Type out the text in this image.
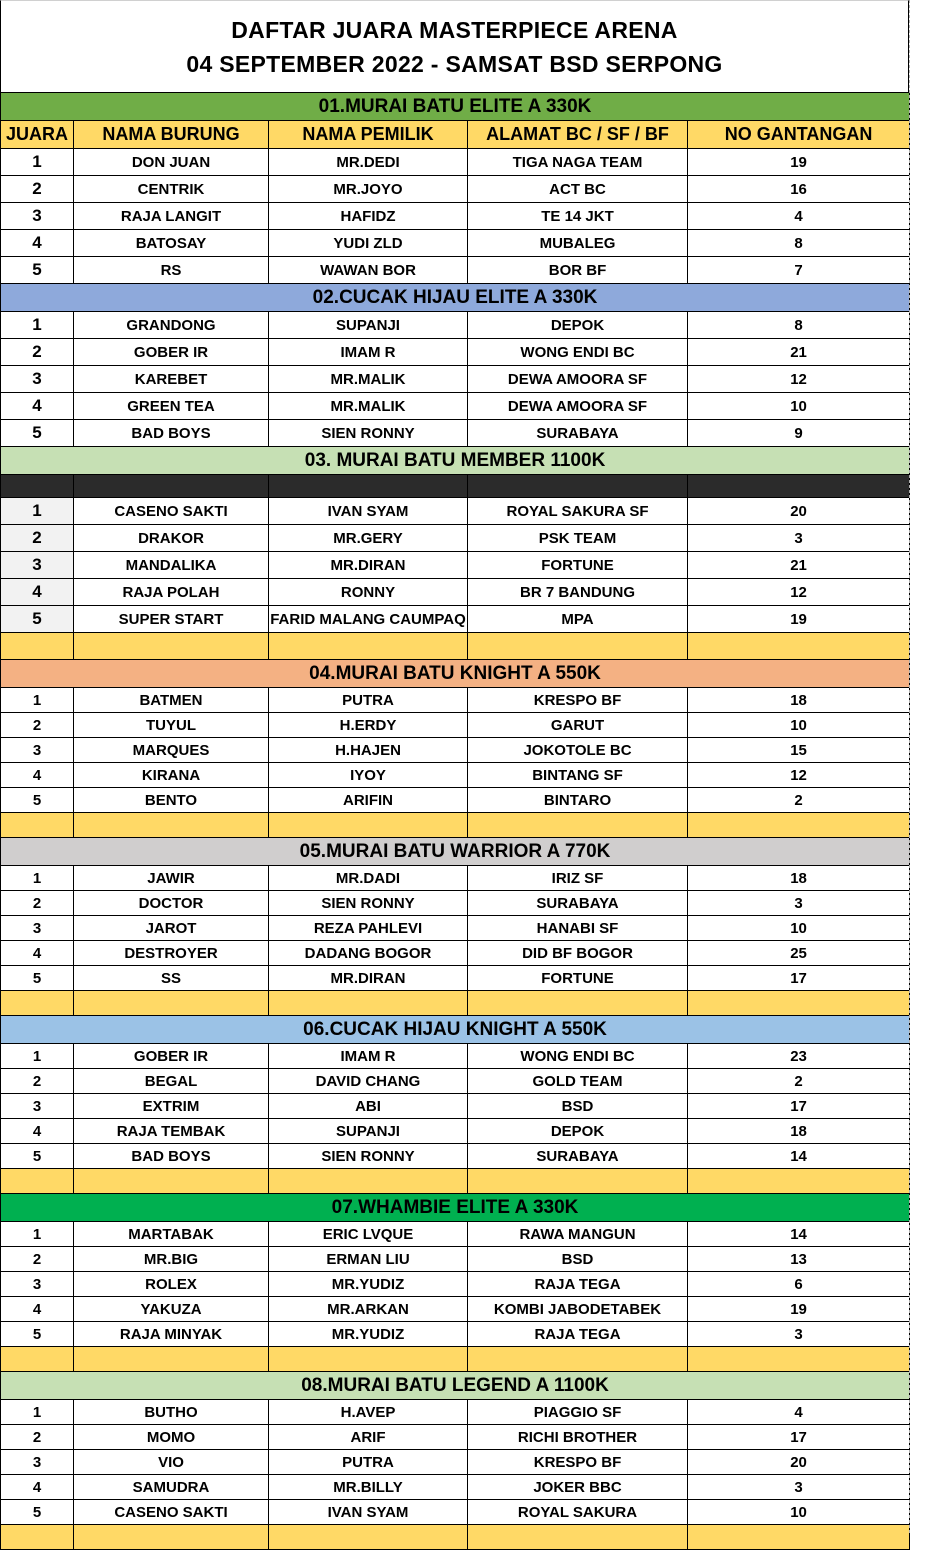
DAFTAR JUARA MASTERPIECE ARENA
04 SEPTEMBER 2022 - SAMSAT BSD SERPONG
01.MURAI BATU ELITE A 330K				
JUARA	NAMA BURUNG	NAMA PEMILIK	ALAMAT BC / SF / BF	NO GANTANGAN
1	DON JUAN	MR.DEDI	TIGA NAGA TEAM	19
2	CENTRIK	MR.JOYO	ACT BC	16
3	RAJA LANGIT	HAFIDZ	TE 14 JKT	4
4	BATOSAY	YUDI ZLD	MUBALEG	8
5	RS	WAWAN BOR	BOR BF	7
02.CUCAK HIJAU ELITE A 330K				
1	GRANDONG	SUPANJI	DEPOK	8
2	GOBER IR	IMAM R	WONG ENDI BC	21
3	KAREBET	MR.MALIK	DEWA AMOORA SF	12
4	GREEN TEA	MR.MALIK	DEWA AMOORA SF	10
5	BAD BOYS	SIEN RONNY	SURABAYA	9
03. MURAI BATU MEMBER 1100K				

1	CASENO SAKTI	IVAN SYAM	ROYAL SAKURA SF	20
2	DRAKOR	MR.GERY	PSK TEAM	3
3	MANDALIKA	MR.DIRAN	FORTUNE	21
4	RAJA POLAH	RONNY	BR 7 BANDUNG	12
5	SUPER START	FARID MALANG CAUMPAQ	MPA	19

04.MURAI BATU KNIGHT A 550K				
1	BATMEN	PUTRA	KRESPO BF	18
2	TUYUL	H.ERDY	GARUT	10
3	MARQUES	H.HAJEN	JOKOTOLE BC	15
4	KIRANA	IYOY	BINTANG SF	12
5	BENTO	ARIFIN	BINTARO	2

05.MURAI BATU WARRIOR A 770K				
1	JAWIR	MR.DADI	IRIZ SF	18
2	DOCTOR	SIEN RONNY	SURABAYA	3
3	JAROT	REZA PAHLEVI	HANABI SF	10
4	DESTROYER	DADANG BOGOR	DID BF BOGOR	25
5	SS	MR.DIRAN	FORTUNE	17

06.CUCAK HIJAU KNIGHT A 550K				
1	GOBER IR	IMAM R	WONG ENDI BC	23
2	BEGAL	DAVID CHANG	GOLD TEAM	2
3	EXTRIM	ABI	BSD	17
4	RAJA TEMBAK	SUPANJI	DEPOK	18
5	BAD BOYS	SIEN RONNY	SURABAYA	14

07.WHAMBIE ELITE A 330K				
1	MARTABAK	ERIC LVQUE	RAWA MANGUN	14
2	MR.BIG	ERMAN LIU	BSD	13
3	ROLEX	MR.YUDIZ	RAJA TEGA	6
4	YAKUZA	MR.ARKAN	KOMBI JABODETABEK	19
5	RAJA MINYAK	MR.YUDIZ	RAJA TEGA	3

08.MURAI BATU LEGEND A 1100K				
1	BUTHO	H.AVEP	PIAGGIO SF	4
2	MOMO	ARIF	RICHI BROTHER	17
3	VIO	PUTRA	KRESPO BF	20
4	SAMUDRA	MR.BILLY	JOKER BBC	3
5	CASENO SAKTI	IVAN SYAM	ROYAL SAKURA	10
